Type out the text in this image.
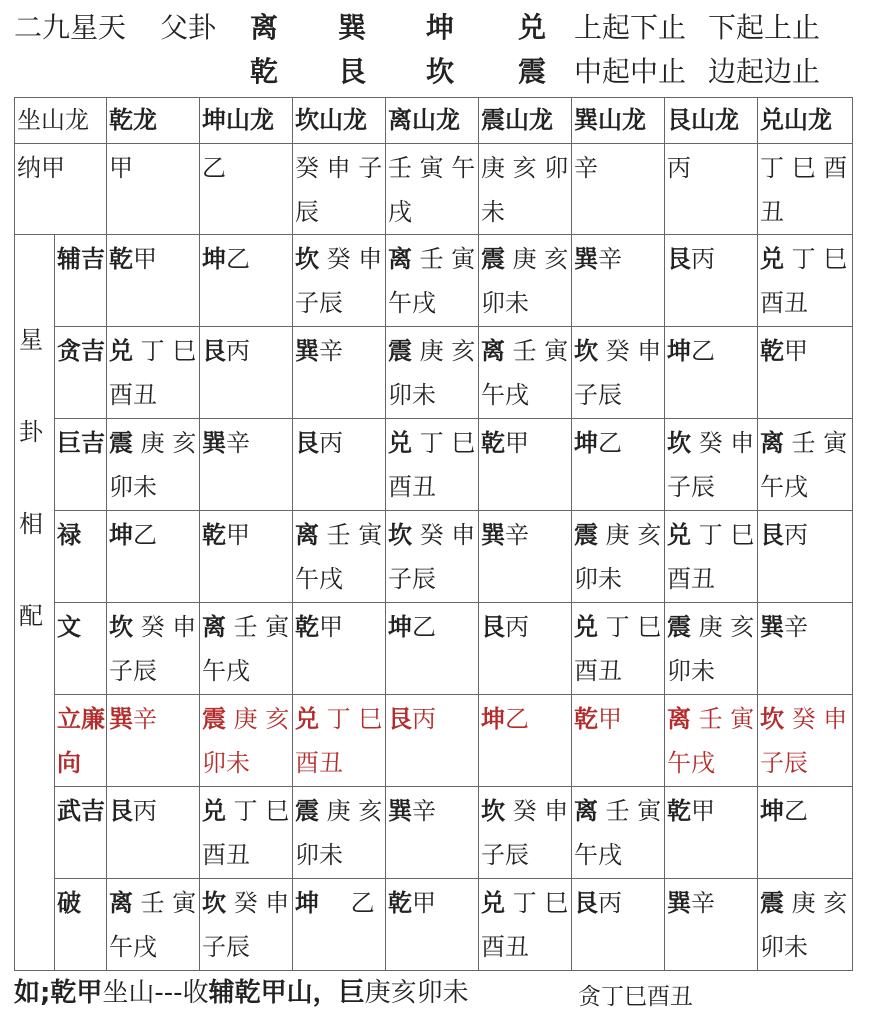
二九星天 父卦 离 巽 坤 兑 上起下止 下起上止
乾 艮 坎 震 中起中止 边起边止
坐山龙		乾龙	坤山龙	坎山龙	离山龙	震山龙	巽山龙	艮山龙	兑山龙
纳甲		甲	乙	癸 申 子辰	壬 寅 午戌	庚 亥 卯未	辛	丙	丁 巳 酉丑

星
卦
相
配	辅吉	乾甲	坤乙	坎 癸 申子辰	离 壬 寅午戌	震 庚 亥卯未	巽辛	艮丙	兑 丁 巳酉丑
	贪吉	兑 丁 巳酉丑	艮丙	巽辛	震 庚 亥卯未	离 壬 寅午戌	坎 癸 申子辰	坤乙	乾甲
	巨吉	震 庚 亥卯未	巽辛	艮丙	兑 丁 巳酉丑	乾甲	坤乙	坎 癸 申子辰	离 壬 寅午戌
	禄	坤乙	乾甲	离 壬 寅午戌	坎 癸 申子辰	巽辛	震 庚 亥卯未	兑 丁 巳酉丑	艮丙
	文	坎 癸 申子辰	离 壬 寅午戌	乾甲	坤乙	艮丙	兑 丁 巳酉丑	震 庚 亥卯未	巽辛
	立廉向	巽辛	震 庚 亥卯未	兑 丁 巳酉丑	艮丙	坤乙	乾甲	离 壬 寅午戌	坎 癸 申子辰
	武吉	艮丙	兑 丁 巳酉丑	震 庚 亥卯未	巽辛	坎 癸 申子辰	离 壬 寅午戌	乾甲	坤乙
	破	离 壬 寅午戌	坎 癸 申子辰	坤　 乙	乾甲	兑 丁 巳酉丑	艮丙	巽辛	震 庚 亥卯未
如;乾甲坐山---收辅乾甲山，巨庚亥卯未	贪丁巳酉丑
